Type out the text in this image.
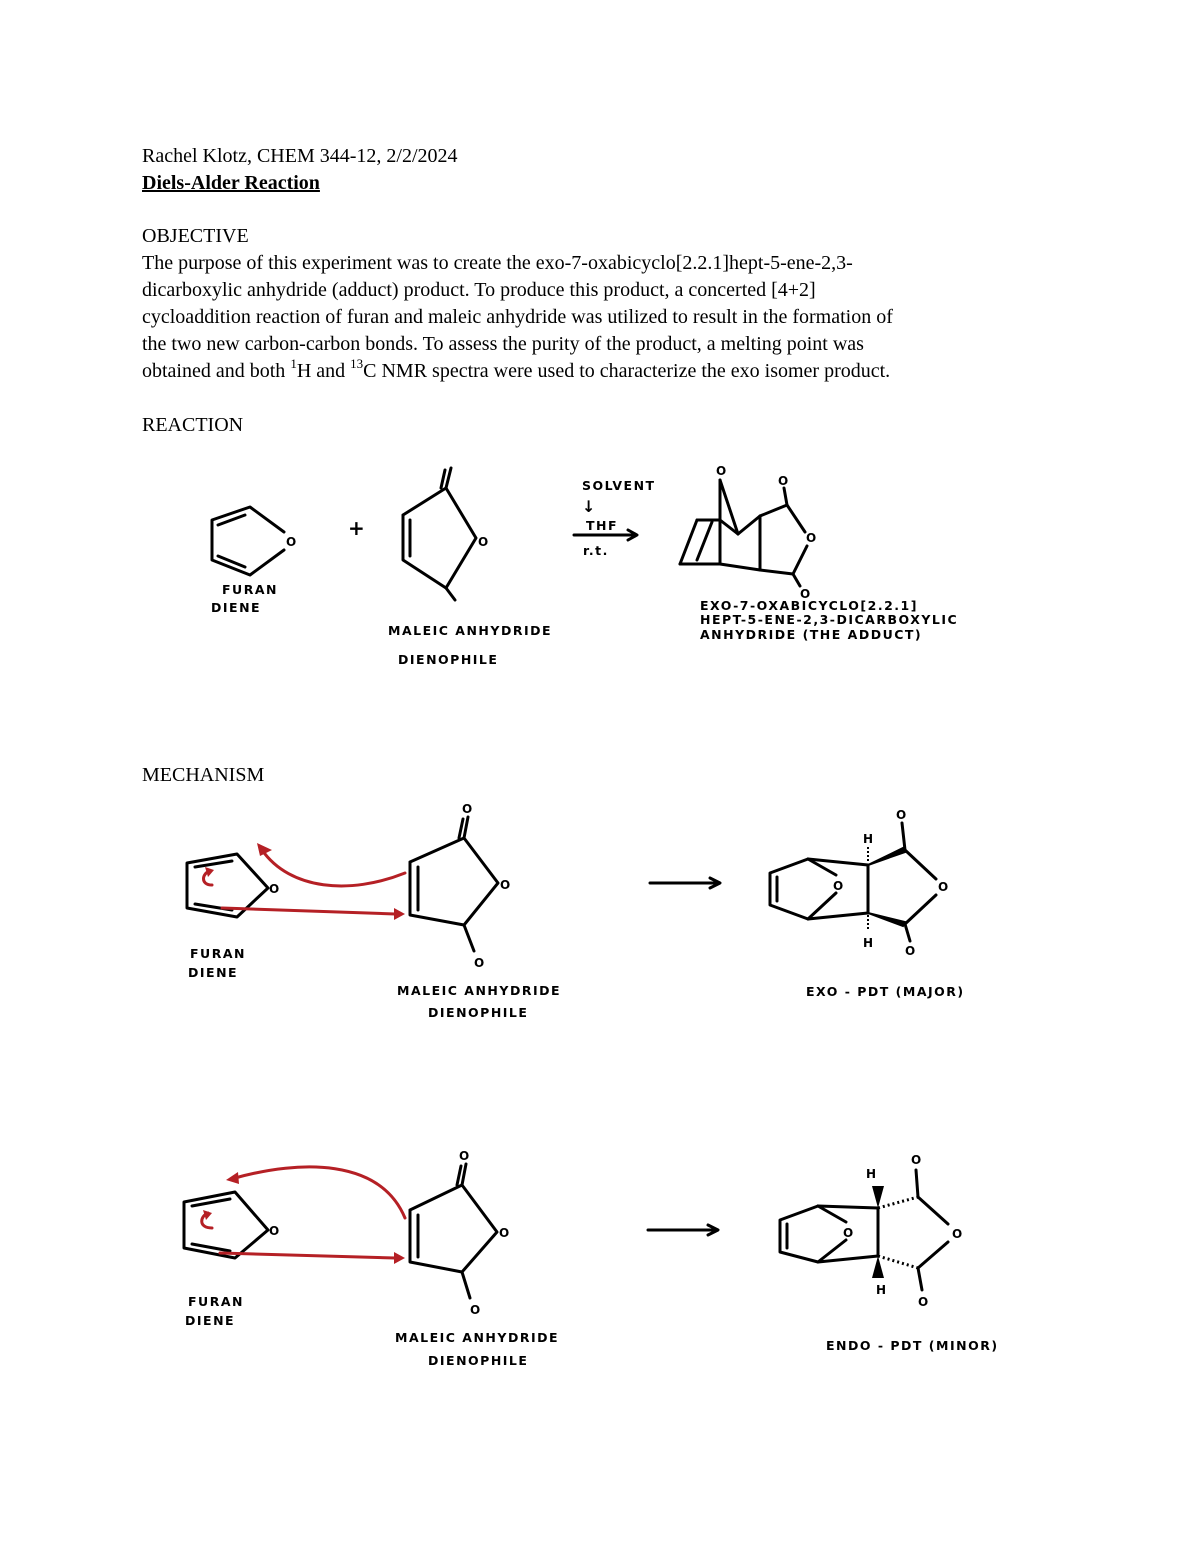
Rachel Klotz, CHEM 344-12, 2/2/2024
Diels-Alder Reaction
OBJECTIVE
The purpose of this experiment was to create the exo-7-oxabicyclo[2.2.1]hept-5-ene-2,3-
dicarboxylic anhydride (adduct) product. To produce this product, a concerted [4+2]
cycloaddition reaction of furan and maleic anhydride was utilized to result in the formation of
the two new carbon-carbon bonds. To assess the purity of the product, a melting point was
obtained and both $^1$H and $^{13}$C NMR spectra were used to characterize the exo isomer product.
REACTION
O
FURAN
DIENE
+
O
MALEIC ANHYDRIDE
DIENOPHILE
SOLVENT
↓
THF
r.t.
O
O
O
O
EXO-7-OXABICYCLO[2.2.1]
HEPT-5-ENE-2,3-DICARBOXYLIC
ANHYDRIDE (THE ADDUCT)
MECHANISM
O
FURAN
DIENE
O
O
O
MALEIC ANHYDRIDE
DIENOPHILE
O
H
H
O
O
O
EXO - PDT (MAJOR)
O
FURAN
DIENE
O
O
O
MALEIC ANHYDRIDE
DIENOPHILE
O
H
H
O
O
O
ENDO - PDT (MINOR)
